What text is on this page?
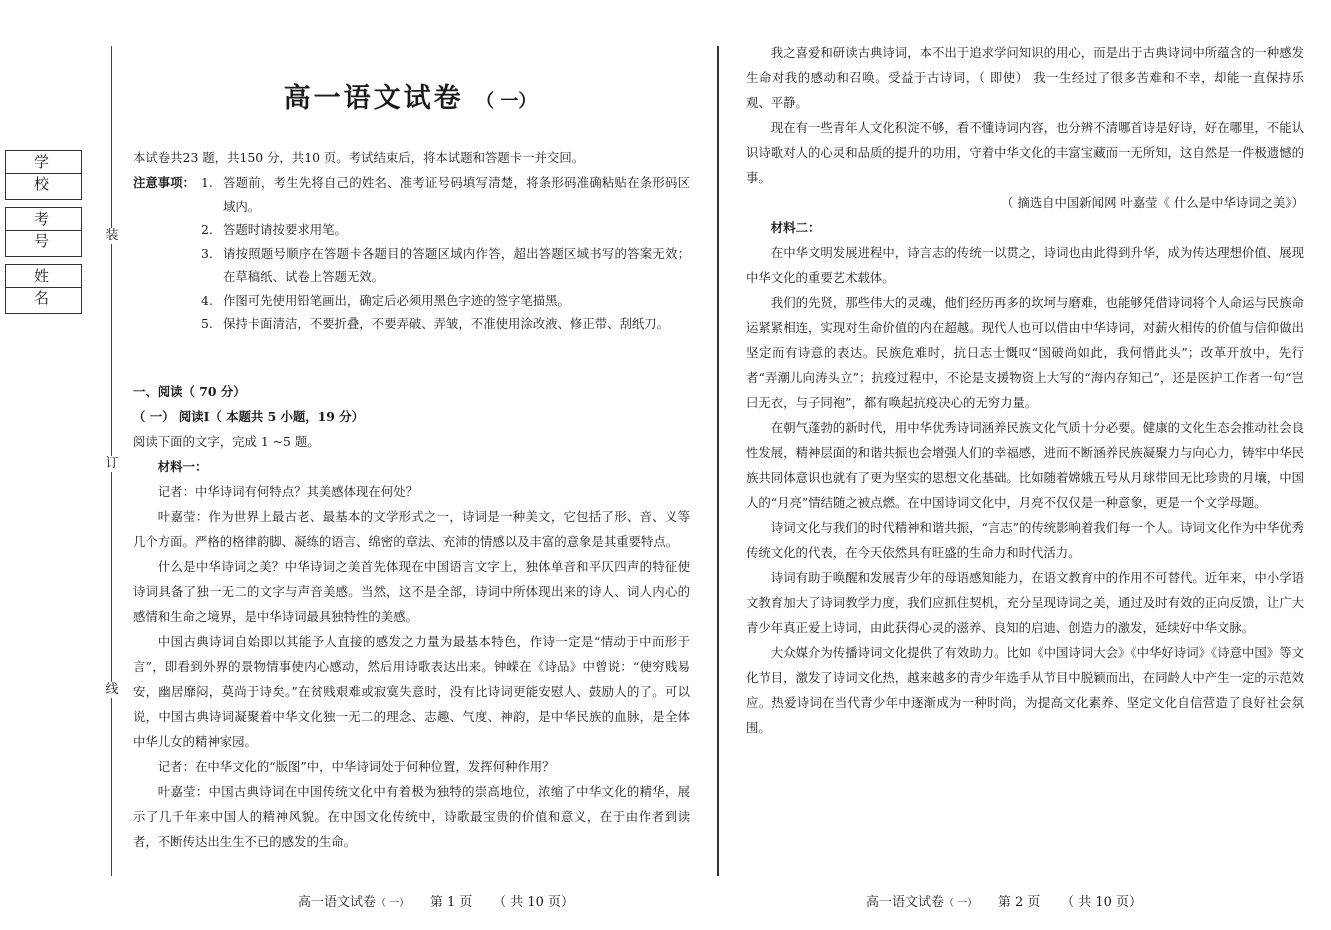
学 校
考 号
姓 名
装
订
线
高一语文试卷 （ 一）
本试卷共23 题，共150 分，共10 页。考试结束后，将本试题和答题卡一并交回。
注意事项： 1. 答题前，考生先将自己的姓名、准考证号码填写清楚，将条形码准确粘贴在条形码区域内。
2. 答题时请按要求用笔。
3. 请按照题号顺序在答题卡各题目的答题区域内作答，超出答题区域书写的答案无效；在草稿纸、试卷上答题无效。
4. 作图可先使用铅笔画出，确定后必须用黑色字迹的签字笔描黑。
5. 保持卡面清洁，不要折叠，不要弄破、弄皱，不准使用涂改液、修正带、刮纸刀。
一、阅读（ 70 分）
（ 一） 阅读Ⅰ（ 本题共 5 小题，19 分）
阅读下面的文字，完成 1 ~5 题。
材料一：
记者：中华诗词有何特点？其美感体现在何处？
叶嘉莹：作为世界上最古老、最基本的文学形式之一，诗词是一种美文，它包括了形、音、义等几个方面。严格的格律韵脚、凝练的语言、绵密的章法、充沛的情感以及丰富的意象是其重要特点。
什么是中华诗词之美？中华诗词之美首先体现在中国语言文字上，独体单音和平仄四声的特征使诗词具备了独一无二的文字与声音美感。当然，这不是全部，诗词中所体现出来的诗人、词人内心的感情和生命之境界，是中华诗词最具独特性的美感。
中国古典诗词自始即以其能予人直接的感发之力量为最基本特色，作诗一定是“情动于中而形于言”，即看到外界的景物情事使内心感动，然后用诗歌表达出来。钟嵘在《诗品》中曾说：“使穷贱易安，幽居靡闷，莫尚于诗矣。”在贫贱艰难或寂寞失意时，没有比诗词更能安慰人、鼓励人的了。可以说，中国古典诗词凝聚着中华文化独一无二的理念、志趣、气度、神韵，是中华民族的血脉，是全体中华儿女的精神家园。
记者：在中华文化的“版图”中，中华诗词处于何种位置，发挥何种作用？
叶嘉莹：中国古典诗词在中国传统文化中有着极为独特的崇高地位，浓缩了中华文化的精华，展示了几千年来中国人的精神风貌。在中国文化传统中，诗歌最宝贵的价值和意义，在于由作者到读者，不断传达出生生不已的感发的生命。
高一语文试卷（ 一） 第 1 页 （ 共 10 页）
我之喜爱和研读古典诗词，本不出于追求学问知识的用心，而是出于古典诗词中所蕴含的一种感发生命对我的感动和召唤。受益于古诗词，（ 即使） 我一生经过了很多苦难和不幸，却能一直保持乐观、平静。
现在有一些青年人文化积淀不够，看不懂诗词内容，也分辨不清哪首诗是好诗，好在哪里，不能认识诗歌对人的心灵和品质的提升的功用，守着中华文化的丰富宝藏而一无所知，这自然是一件极遗憾的事。
（ 摘选自中国新闻网 叶嘉莹《 什么是中华诗词之美》）
材料二：
在中华文明发展进程中，诗言志的传统一以贯之，诗词也由此得到升华，成为传达理想价值、展现中华文化的重要艺术载体。
我们的先贤，那些伟大的灵魂，他们经历再多的坎坷与磨难，也能够凭借诗词将个人命运与民族命运紧紧相连，实现对生命价值的内在超越。现代人也可以借由中华诗词，对薪火相传的价值与信仰做出坚定而有诗意的表达。民族危难时，抗日志士慨叹“国破尚如此，我何惜此头”；改革开放中，先行者“弄潮儿向涛头立”；抗疫过程中，不论是支援物资上大写的“海内存知己”，还是医护工作者一句“岂曰无衣，与子同袍”，都有唤起抗疫决心的无穷力量。
在朝气蓬勃的新时代，用中华优秀诗词涵养民族文化气质十分必要。健康的文化生态会推动社会良性发展，精神层面的和谐共振也会增强人们的幸福感，进而不断涵养民族凝聚力与向心力，铸牢中华民族共同体意识也就有了更为坚实的思想文化基础。比如随着嫦娥五号从月球带回无比珍贵的月壤，中国人的“月亮”情结随之被点燃。在中国诗词文化中，月亮不仅仅是一种意象，更是一个文学母题。
诗词文化与我们的时代精神和谐共振，“言志”的传统影响着我们每一个人。诗词文化作为中华优秀传统文化的代表，在今天依然具有旺盛的生命力和时代活力。
诗词有助于唤醒和发展青少年的母语感知能力，在语文教育中的作用不可替代。近年来，中小学语文教育加大了诗词教学力度，我们应抓住契机，充分呈现诗词之美，通过及时有效的正向反馈，让广大青少年真正爱上诗词，由此获得心灵的滋养、良知的启迪、创造力的激发，延续好中华文脉。
大众媒介为传播诗词文化提供了有效助力。比如《中国诗词大会》《中华好诗词》《诗意中国》等文化节目，激发了诗词文化热，越来越多的青少年选手从节目中脱颖而出，在同龄人中产生一定的示范效应。热爱诗词在当代青少年中逐渐成为一种时尚，为提高文化素养、坚定文化自信营造了良好社会氛围。
高一语文试卷（ 一） 第 2 页 （ 共 10 页）
